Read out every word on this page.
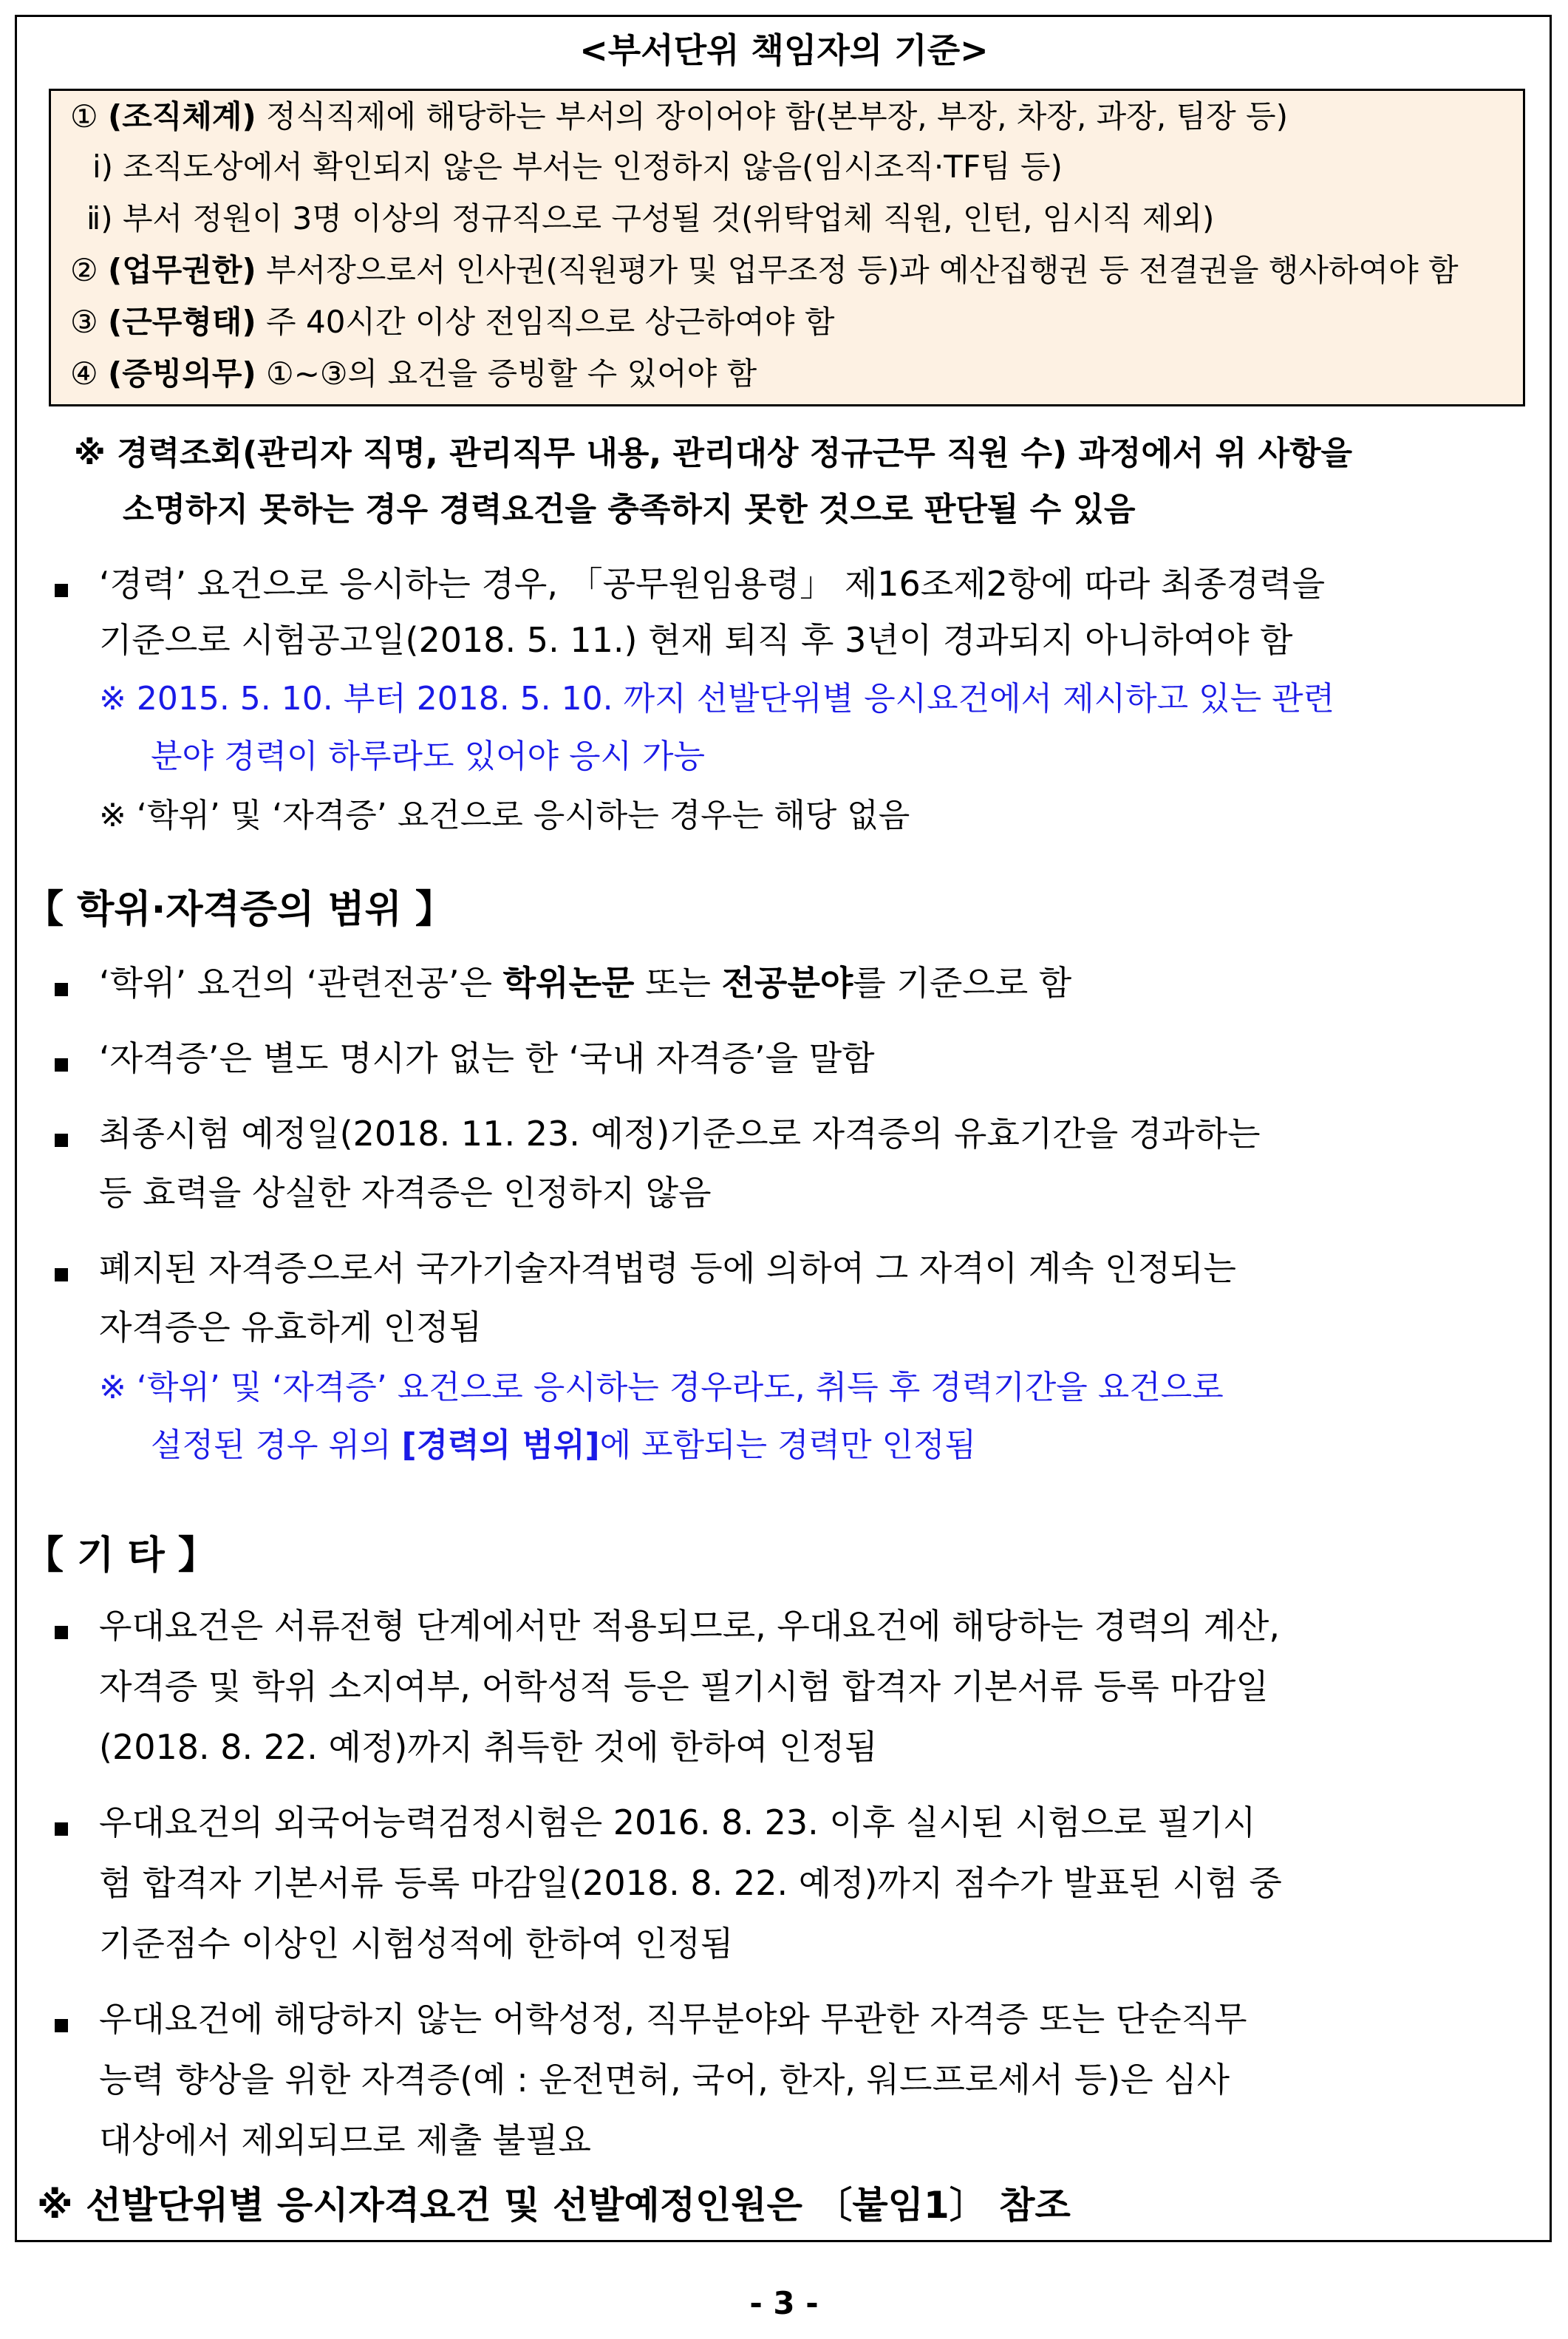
<부서단위 책임자의 기준>
① (조직체계) 정식직제에 해당하는 부서의 장이어야 함(본부장, 부장, 차장, 과장, 팀장 등)
ⅰ) 조직도상에서 확인되지 않은 부서는 인정하지 않음(임시조직·TF팀 등)
ⅱ) 부서 정원이 3명 이상의 정규직으로 구성될 것(위탁업체 직원, 인턴, 임시직 제외)
② (업무권한) 부서장으로서 인사권(직원평가 및 업무조정 등)과 예산집행권 등 전결권을 행사하여야 함
③ (근무형태) 주 40시간 이상 전임직으로 상근하여야 함
④ (증빙의무) ①~③의 요건을 증빙할 수 있어야 함
※ 경력조회(관리자 직명, 관리직무 내용, 관리대상 정규근무 직원 수) 과정에서 위 사항을
소명하지 못하는 경우 경력요건을 충족하지 못한 것으로 판단될 수 있음
‘경력’ 요건으로 응시하는 경우, 「공무원임용령」 제16조제2항에 따라 최종경력을
기준으로 시험공고일(2018. 5. 11.) 현재 퇴직 후 3년이 경과되지 아니하여야 함
※ 2015. 5. 10. 부터 2018. 5. 10. 까지 선발단위별 응시요건에서 제시하고 있는 관련
분야 경력이 하루라도 있어야 응시 가능
※ ‘학위’ 및 ‘자격증’ 요건으로 응시하는 경우는 해당 없음
【 학위·자격증의 범위 】
‘학위’ 요건의 ‘관련전공’은 학위논문 또는 전공분야를 기준으로 함
‘자격증’은 별도 명시가 없는 한 ‘국내 자격증’을 말함
최종시험 예정일(2018. 11. 23. 예정)기준으로 자격증의 유효기간을 경과하는
등 효력을 상실한 자격증은 인정하지 않음
폐지된 자격증으로서 국가기술자격법령 등에 의하여 그 자격이 계속 인정되는
자격증은 유효하게 인정됨
※ ‘학위’ 및 ‘자격증’ 요건으로 응시하는 경우라도, 취득 후 경력기간을 요건으로
설정된 경우 위의 [경력의 범위]에 포함되는 경력만 인정됨
【 기 타 】
우대요건은 서류전형 단계에서만 적용되므로, 우대요건에 해당하는 경력의 계산,
자격증 및 학위 소지여부, 어학성적 등은 필기시험 합격자 기본서류 등록 마감일
(2018. 8. 22. 예정)까지 취득한 것에 한하여 인정됨
우대요건의 외국어능력검정시험은 2016. 8. 23. 이후 실시된 시험으로 필기시
험 합격자 기본서류 등록 마감일(2018. 8. 22. 예정)까지 점수가 발표된 시험 중
기준점수 이상인 시험성적에 한하여 인정됨
우대요건에 해당하지 않는 어학성정, 직무분야와 무관한 자격증 또는 단순직무
능력 향상을 위한 자격증(예 : 운전면허, 국어, 한자, 워드프로세서 등)은 심사
대상에서 제외되므로 제출 불필요
※ 선발단위별 응시자격요건 및 선발예정인원은 〔붙임1〕 참조
- 3 -
